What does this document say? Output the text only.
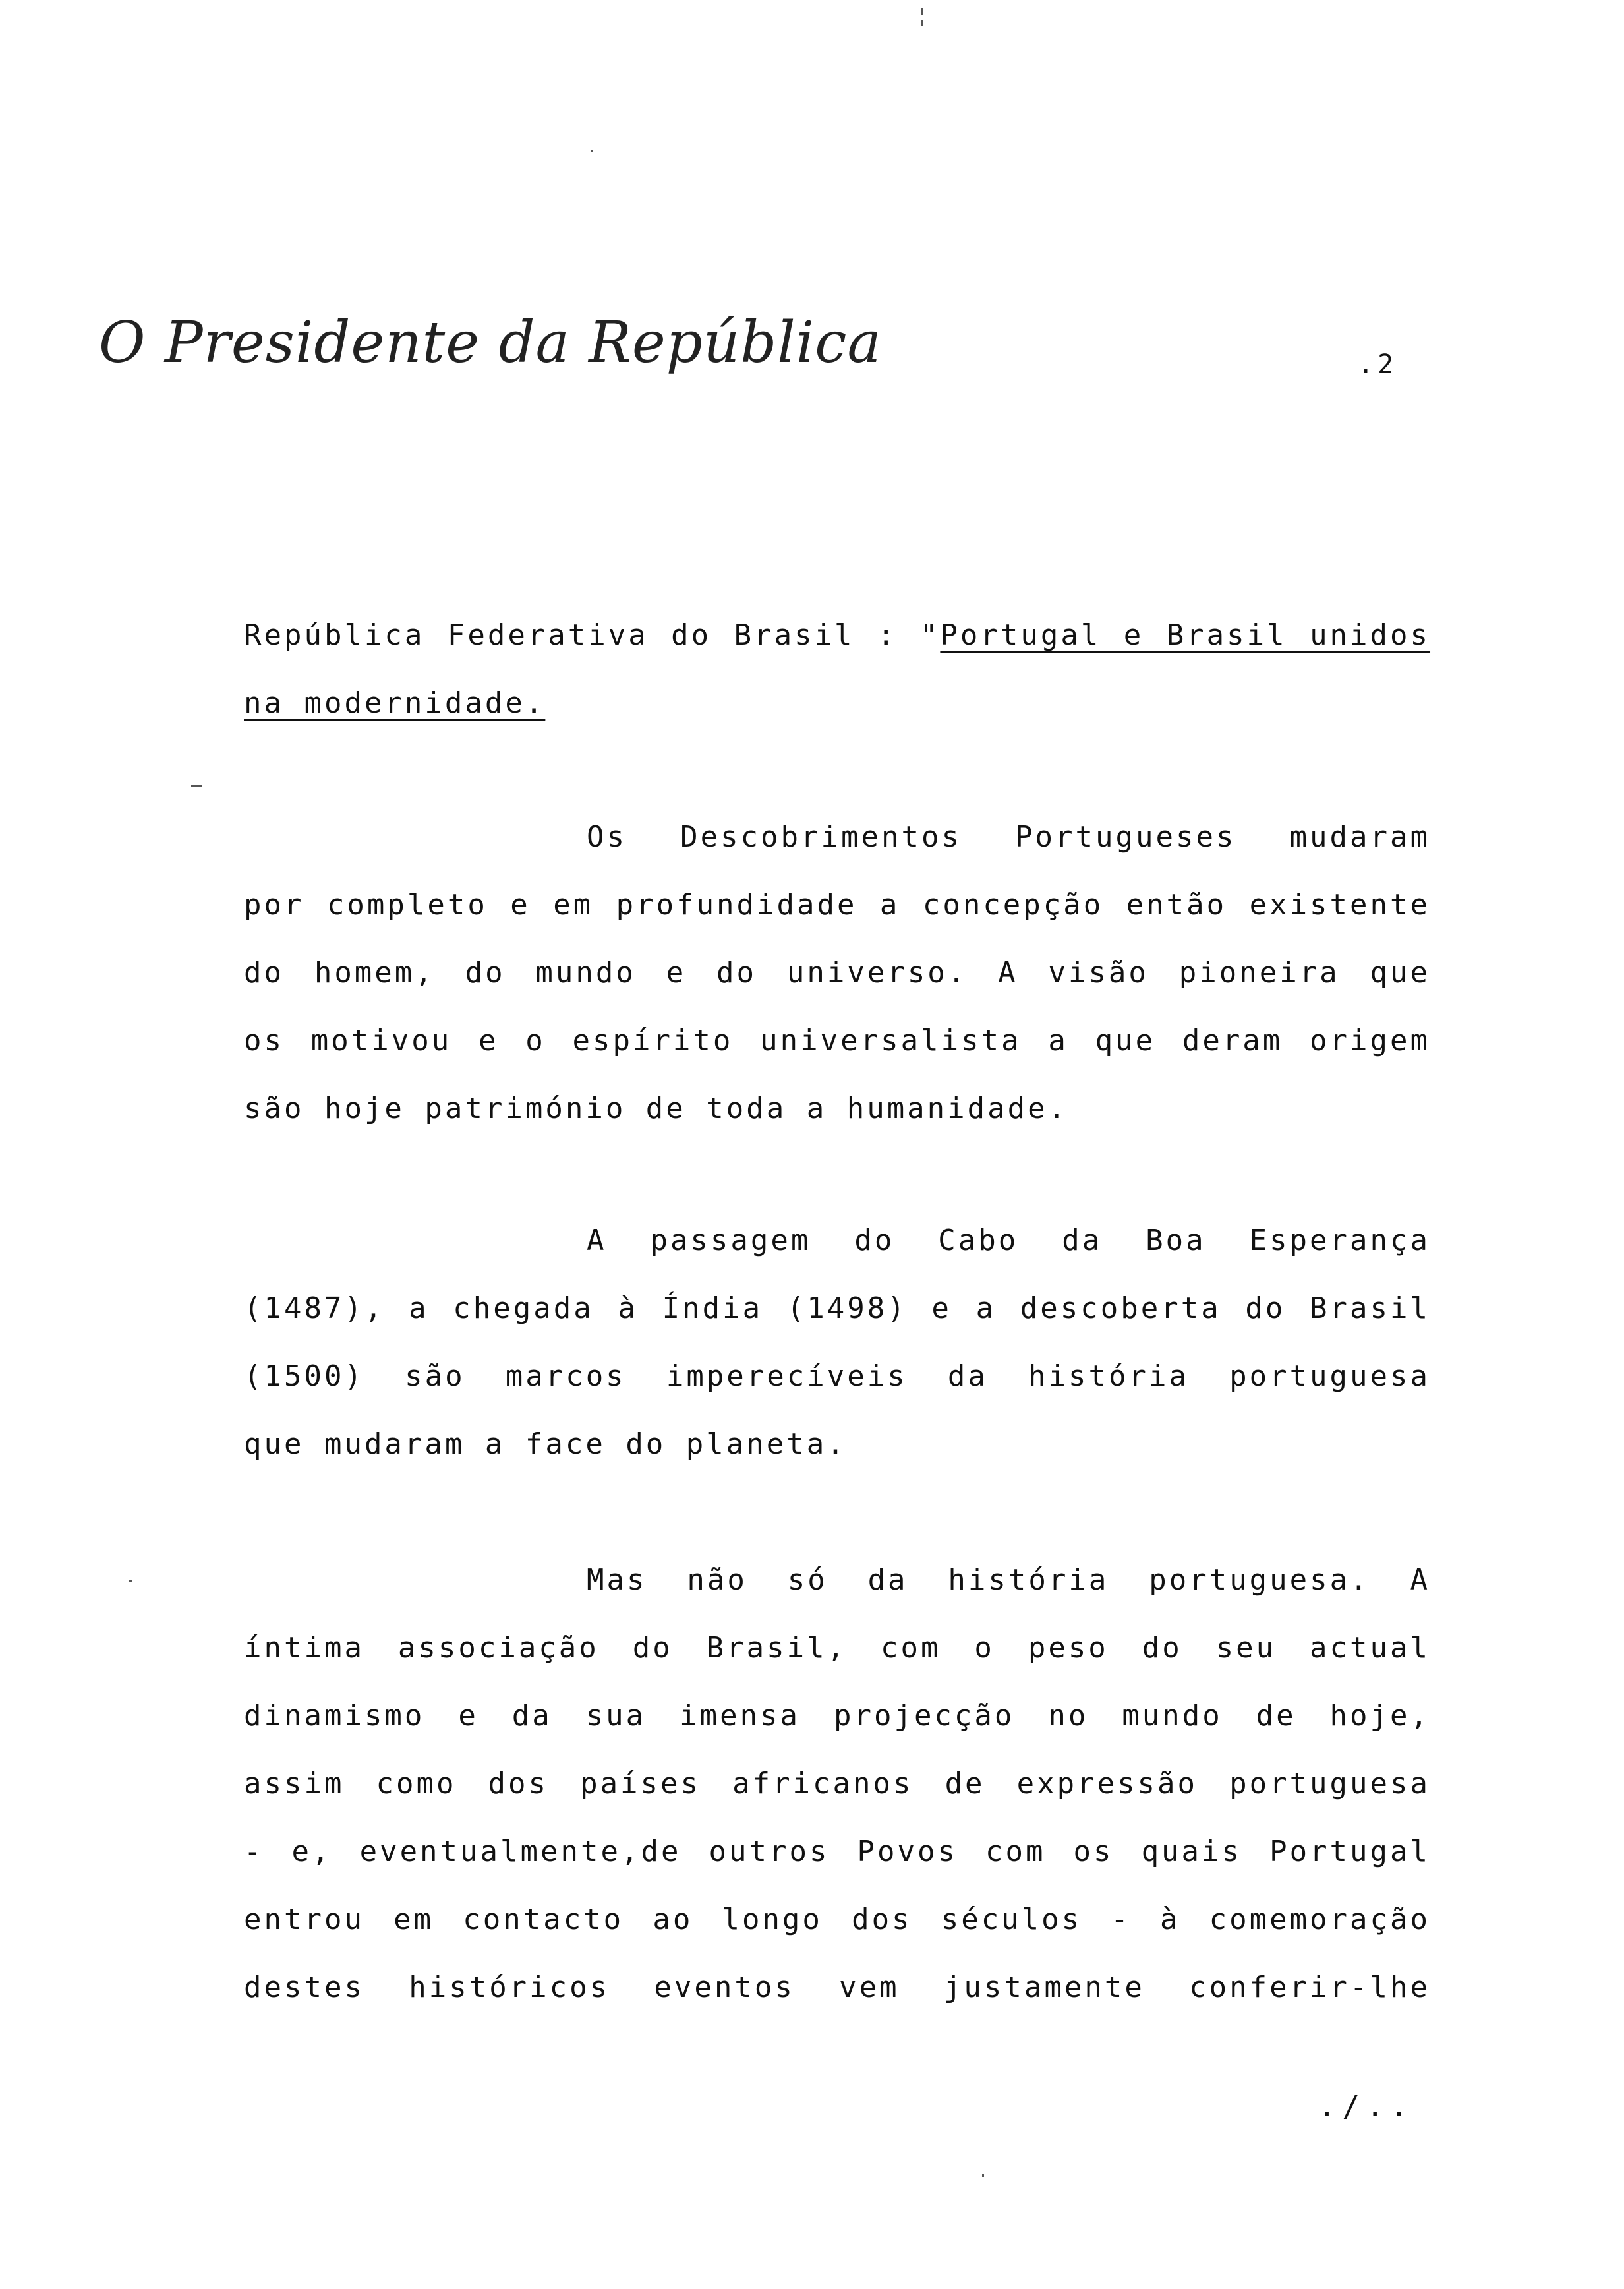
O Presidente da República	.2
República Federativa do Brasil : "Portugal e Brasil unidos
na modernidade.
Os Descobrimentos Portugueses mudaram
por completo e em profundidade a concepção então existente
do homem, do mundo e do universo. A visão pioneira que
os motivou e o espírito universalista a que deram origem
são hoje património de toda a humanidade.
A passagem do Cabo da Boa Esperança
(1487), a chegada à Índia (1498) e a descoberta do Brasil
(1500) são marcos imperecíveis da história portuguesa
que mudaram a face do planeta.
Mas não só da história portuguesa. A
íntima associação do Brasil, com o peso do seu actual
dinamismo e da sua imensa projecção no mundo de hoje,
assim como dos países africanos de expressão portuguesa
- e, eventualmente,de outros Povos com os quais Portugal
entrou em contacto ao longo dos séculos - à comemoração
destes históricos eventos vem justamente conferir-lhe
./..
